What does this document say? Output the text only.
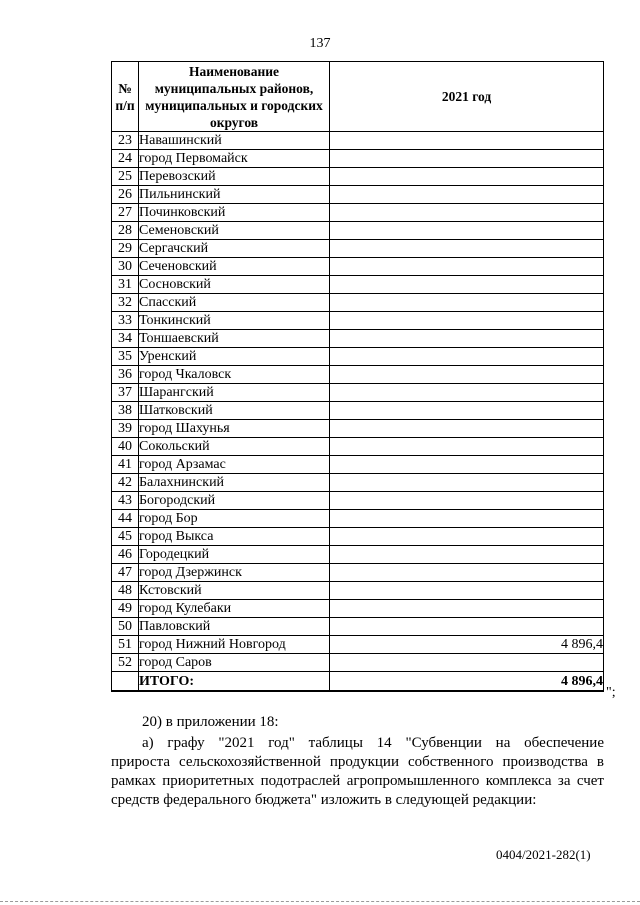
137
№ п/п	Наименование муниципальных районов, муниципальных и городских округов	2021 год
23	Навашинский	
24	город Первомайск	
25	Перевозский	
26	Пильнинский	
27	Починковский	
28	Семеновский	
29	Сергачский	
30	Сеченовский	
31	Сосновский	
32	Спасский	
33	Тонкинский	
34	Тоншаевский	
35	Уренский	
36	город Чкаловск	
37	Шарангский	
38	Шатковский	
39	город Шахунья	
40	Сокольский	
41	город Арзамас	
42	Балахнинский	
43	Богородский	
44	город Бор	
45	город Выкса	
46	Городецкий	
47	город Дзержинск	
48	Кстовский	
49	город Кулебаки	
50	Павловский	
51	город Нижний Новгород	4 896,4
52	город Саров	
	ИТОГО:	4 896,4
";
20) в приложении 18:
а) графу "2021 год" таблицы 14 "Субвенции на обеспечение
прироста сельскохозяйственной продукции собственного производства в рамках приоритетных подотраслей агропромышленного комплекса за счет средств федерального бюджета" изложить в следующей редакции:
0404/2021-282(1)
